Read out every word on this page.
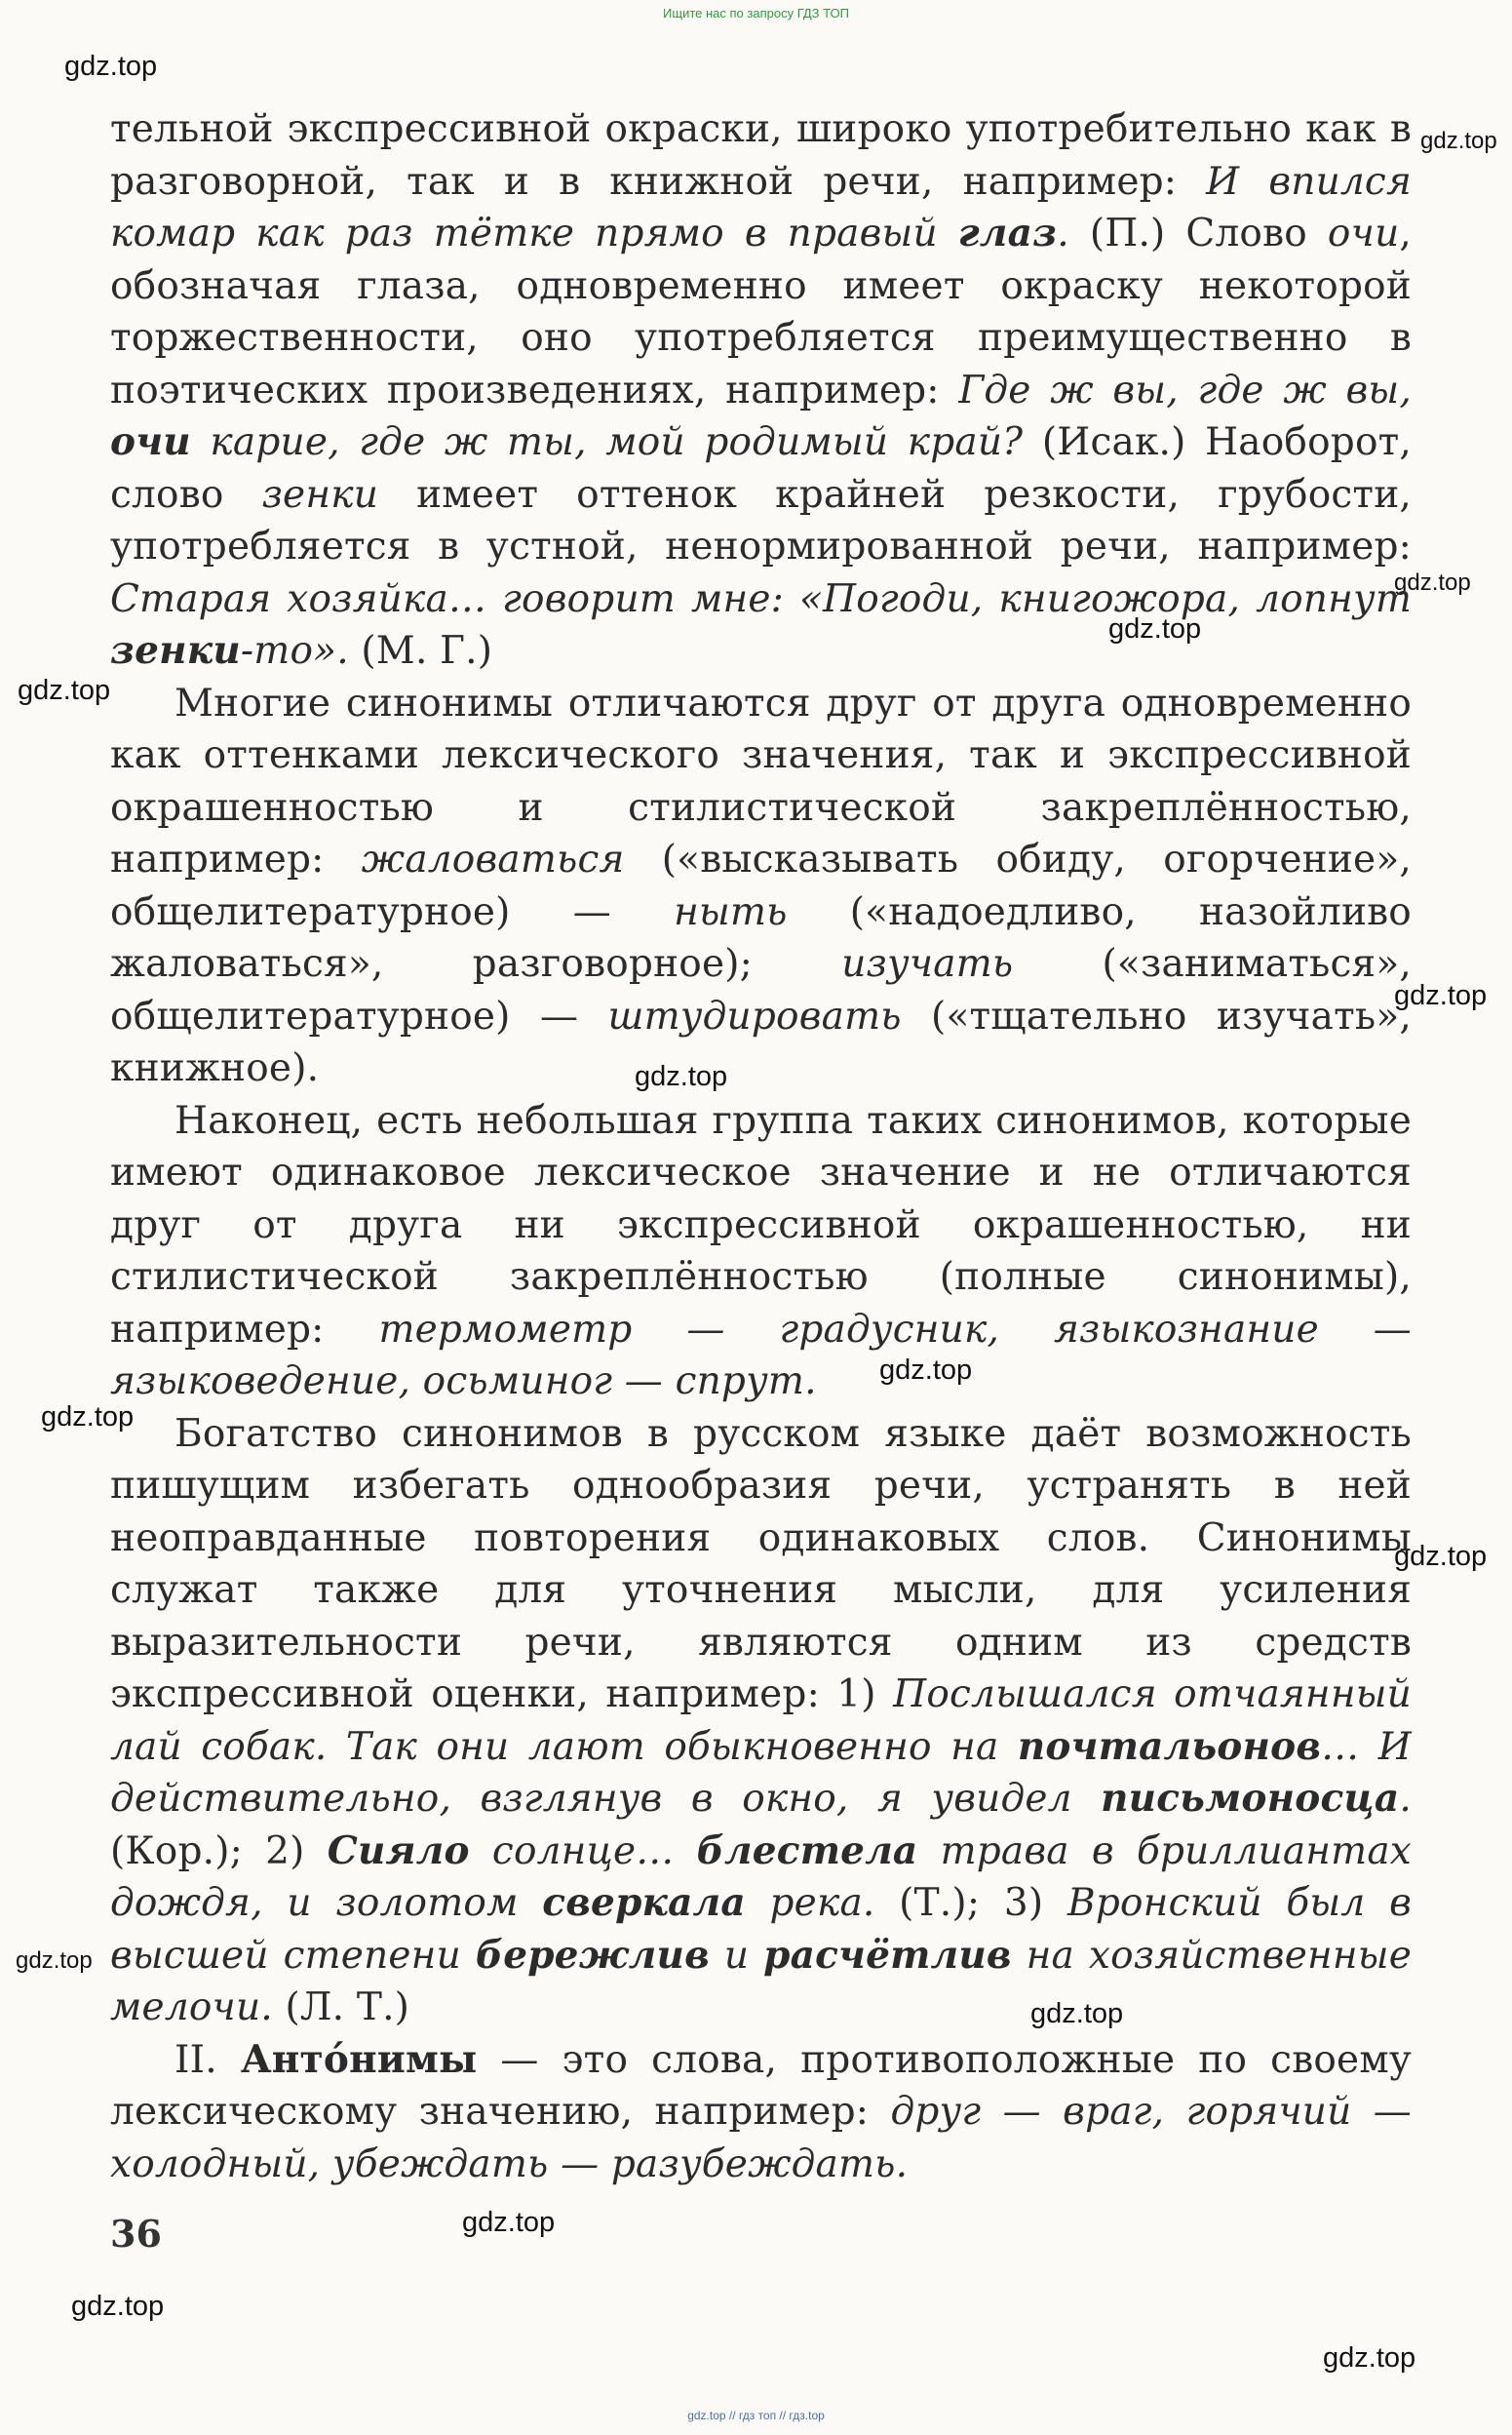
Ищите нас по запросу ГДЗ ТОП
gdz.top
gdz.top
gdz.top
gdz.top
gdz.top
gdz.top
gdz.top
gdz.top
gdz.top
gdz.top
gdz.top
gdz.top
gdz.top
gdz.top
gdz.top

тельной экспрессивной окраски, широко употребительно как в разговорной, так и в книжной речи, например: И впился комар как раз тётке прямо в правый глаз. (П.) Слово очи, обозначая глаза, одновременно имеет окраску некоторой торжественности, оно употребляется преимущественно в поэтических произведениях, например: Где ж вы, где ж вы, очи карие, где ж ты, мой родимый край? (Исак.) Наоборот, слово зенки имеет оттенок крайней резкости, грубости, употребляется в устной, ненормированной речи, например: Старая хозяйка… говорит мне: «Погоди, книгожора, лопнут зенки-то». (М. Г.)

Многие синонимы отличаются друг от друга одновременно как оттенками лексического значения, так и экспрессивной окрашенностью и стилистической закреплённостью, например: жаловаться («высказывать обиду, огорчение», общелитературное) — ныть («надоедливо, назойливо жаловаться», разговорное); изучать («заниматься», общелитературное) — штудировать («тщательно изучать», книжное).

Наконец, есть небольшая группа таких синонимов, которые имеют одинаковое лексическое значение и не отличаются друг от друга ни экспрессивной окрашенностью, ни стилистической закреплённостью (полные синонимы), например: термометр — градусник, языкознание — языковедение, осьминог — спрут.

Богатство синонимов в русском языке даёт возможность пишущим избегать однообразия речи, устранять в ней неоправданные повторения одинаковых слов. Синонимы служат также для уточнения мысли, для усиления выразительности речи, являются одним из средств экспрессивной оценки, например: 1) Послышался отчаянный лай собак. Так они лают обыкновенно на почтальонов… И действительно, взглянув в окно, я увидел письмоносца. (Кор.); 2) Сияло солнце… блестела трава в бриллиантах дождя, и золотом сверкала река. (Т.); 3) Вронский был в высшей степени бережлив и расчётлив на хозяйственные мелочи. (Л. Т.)

II. Анто́нимы — это слова, противоположные по своему лексическому значению, например: друг — враг, горячий — холодный, убеждать — разубеждать.

36
gdz.top // гдз топ // гдз.top
